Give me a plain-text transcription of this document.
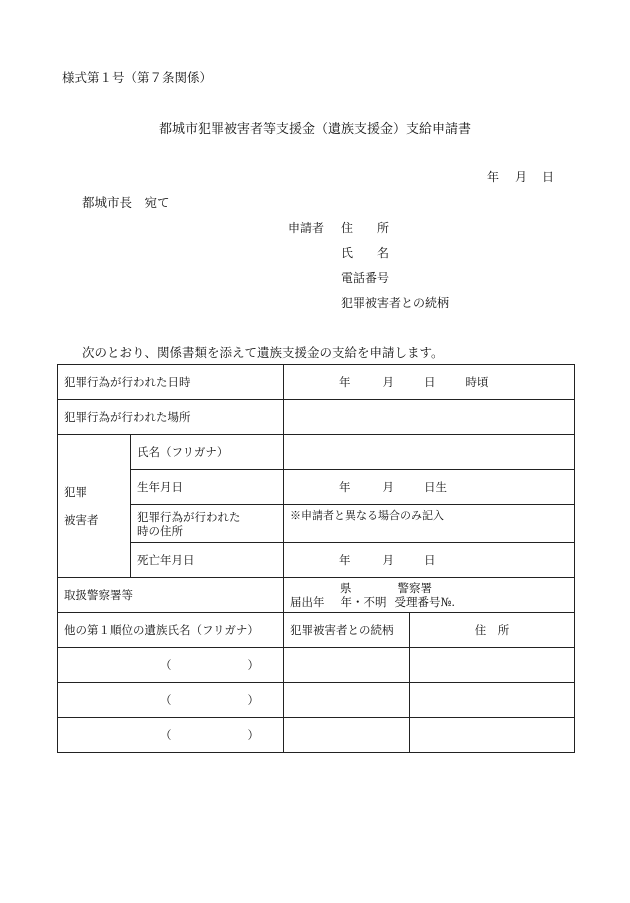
様式第１号（第７条関係）
都城市犯罪被害者等支援金（遺族支援金）支給申請書
年 月 日
都城市長　宛て
申請者 住　　所
氏　　名
電話番号
犯罪被害者との続柄
次のとおり、関係書類を添えて遺族支援金の支給を申請します。
犯罪行為が行われた日時		年 月 日 時頃	
犯罪行為が行われた場所			

犯罪
被害者	氏名（フリガナ）		
	生年月日	年 月 日生	

	犯罪行為が行われた
時の住所	※申請者と異なる場合のみ記入	
	死亡年月日	年 月 日	
取扱警察署等		県 警察署
届出年 年・不明 受理番号№.	

他の第１順位の遺族氏名（フリガナ）		犯罪被害者との続柄	住　所
（ ）			
（ ）			
（ ）			
